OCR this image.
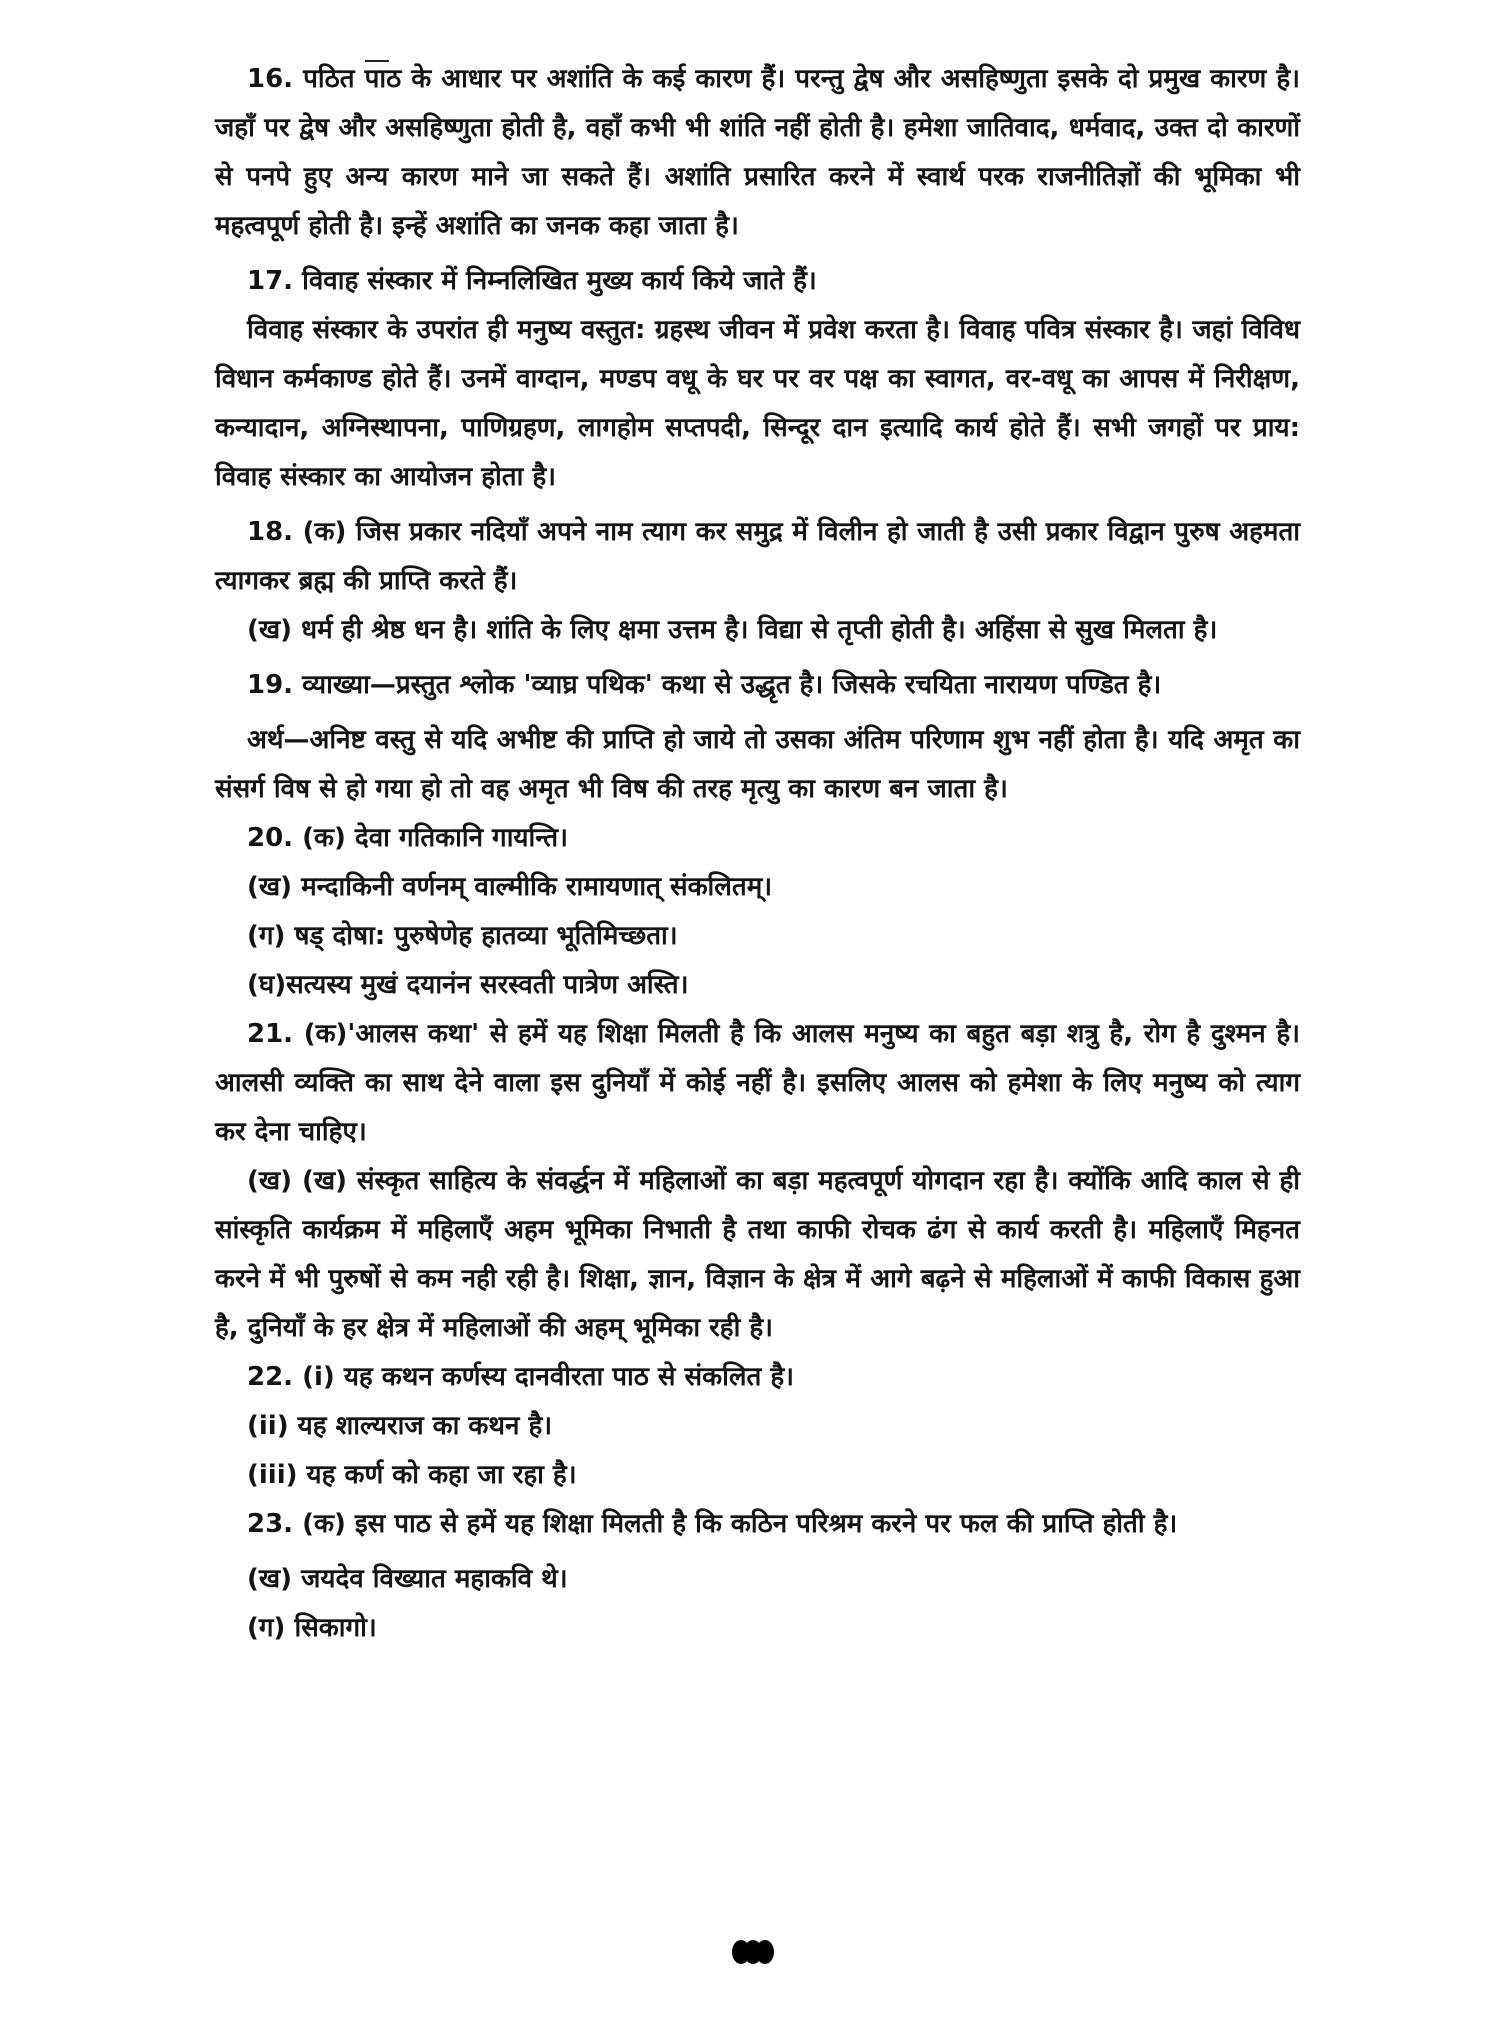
16. पठित पाठ के आधार पर अशांति के कई कारण हैं। परन्तु द्वेष और असहिष्णुता इसके दो प्रमुख कारण है। जहाँ पर द्वेष और असहिष्णुता होती है, वहाँ कभी भी शांति नहीं होती है। हमेशा जातिवाद, धर्मवाद, उक्त दो कारणों से पनपे हुए अन्य कारण माने जा सकते हैं। अशांति प्रसारित करने में स्वार्थ परक राजनीतिज्ञों की भूमिका भी महत्वपूर्ण होती है। इन्हें अशांति का जनक कहा जाता है।

17. विवाह संस्कार में निम्नलिखित मुख्य कार्य किये जाते हैं।

विवाह संस्कार के उपरांत ही मनुष्य वस्तुत: ग्रहस्थ जीवन में प्रवेश करता है। विवाह पवित्र संस्कार है। जहां विविध विधान कर्मकाण्ड होते हैं। उनमें वाग्दान, मण्डप वधू के घर पर वर पक्ष का स्वागत, वर-वधू का आपस में निरीक्षण, कन्यादान, अग्निस्थापना, पाणिग्रहण, लागहोम सप्तपदी, सिन्दूर दान इत्यादि कार्य होते हैं। सभी जगहों पर प्राय: विवाह संस्कार का आयोजन होता है।

18. (क) जिस प्रकार नदियाँ अपने नाम त्याग कर समुद्र में विलीन हो जाती है उसी प्रकार विद्वान पुरुष अहमता त्यागकर ब्रह्म की प्राप्ति करते हैं।

(ख) धर्म ही श्रेष्ठ धन है। शांति के लिए क्षमा उत्तम है। विद्या से तृप्ती होती है। अहिंसा से सुख मिलता है।

19. व्याख्या—प्रस्तुत श्लोक 'व्याघ्र पथिक' कथा से उद्धृत है। जिसके रचयिता नारायण पण्डित है।

अर्थ—अनिष्ट वस्तु से यदि अभीष्ट की प्राप्ति हो जाये तो उसका अंतिम परिणाम शुभ नहीं होता है। यदि अमृत का संसर्ग विष से हो गया हो तो वह अमृत भी विष की तरह मृत्यु का कारण बन जाता है।

20. (क) देवा गतिकानि गायन्ति।

(ख) मन्दाकिनी वर्णनम् वाल्मीकि रामायणात् संकलितम्।

(ग) षड् दोषा: पुरुषेणेह हातव्या भूतिमिच्छता।

(घ)सत्यस्य मुखं दयानंन सरस्वती पात्रेण अस्ति।

21. (क)'आलस कथा' से हमें यह शिक्षा मिलती है कि आलस मनुष्य का बहुत बड़ा शत्रु है, रोग है दुश्मन है। आलसी व्यक्ति का साथ देने वाला इस दुनियाँ में कोई नहीं है। इसलिए आलस को हमेशा के लिए मनुष्य को त्याग कर देना चाहिए।

(ख) (ख) संस्कृत साहित्य के संवर्द्धन में महिलाओं का बड़ा महत्वपूर्ण योगदान रहा है। क्योंकि आदि काल से ही सांस्कृति कार्यक्रम में महिलाएँ अहम भूमिका निभाती है तथा काफी रोचक ढंग से कार्य करती है। महिलाएँ मिहनत करने में भी पुरुषों से कम नही रही है। शिक्षा, ज्ञान, विज्ञान के क्षेत्र में आगे बढ़ने से महिलाओं में काफी विकास हुआ है, दुनियाँ के हर क्षेत्र में महिलाओं की अहम् भूमिका रही है।

22. (i) यह कथन कर्णस्य दानवीरता पाठ से संकलित है।

(ii) यह शाल्यराज का कथन है।

(iii) यह कर्ण को कहा जा रहा है।

23. (क) इस पाठ से हमें यह शिक्षा मिलती है कि कठिन परिश्रम करने पर फल की प्राप्ति होती है।

(ख) जयदेव विख्यात महाकवि थे।

(ग) सिकागो।
